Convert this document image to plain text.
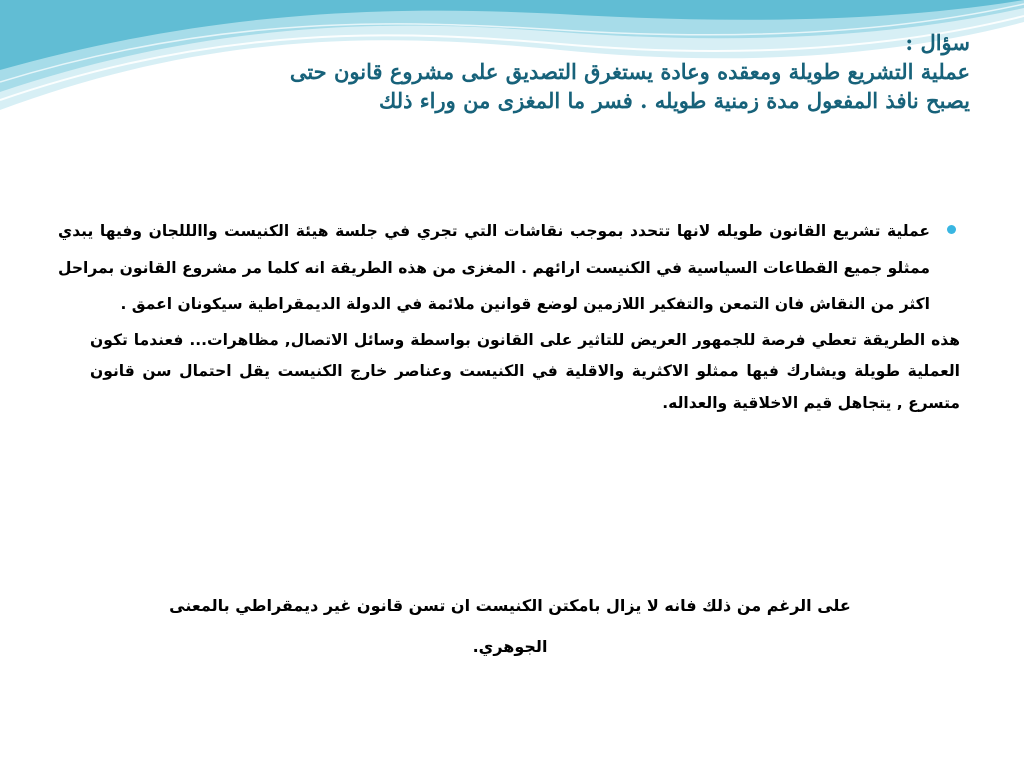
سؤال :
عملية التشريع طويلة ومعقده وعادة يستغرق التصديق على مشروع قانون حتى
يصبح نافذ المفعول مدة زمنية طويله . فسر ما المغزى من وراء ذلك
عملية تشريع القانون طويله لانها تتحدد بموجب نقاشات التي تجري في جلسة هيئة الكنيست واالللجان وفيها يبدي ممثلو جميع القطاعات السياسية في الكنيست ارائهم . المغزى من هذه الطريقة انه كلما مر مشروع القانون بمراحل اكثر من النقاش فان التمعن والتفكير اللازمين لوضع قوانين ملائمة في الدولة الديمقراطية سيكونان اعمق .
هذه الطريقة تعطي فرصة للجمهور العريض للتاثير على القانون بواسطة وسائل الاتصال, مظاهرات... فعندما تكون العملية طويلة ويشارك فيها ممثلو الاكثرية والاقلية في الكنيست وعناصر خارج الكنيست يقل احتمال سن قانون متسرع , يتجاهل قيم الاخلاقية والعداله.
على الرغم من ذلك فانه لا يزال بامكتن الكنيست ان تسن قانون غير ديمقراطي بالمعنى
الجوهري.
